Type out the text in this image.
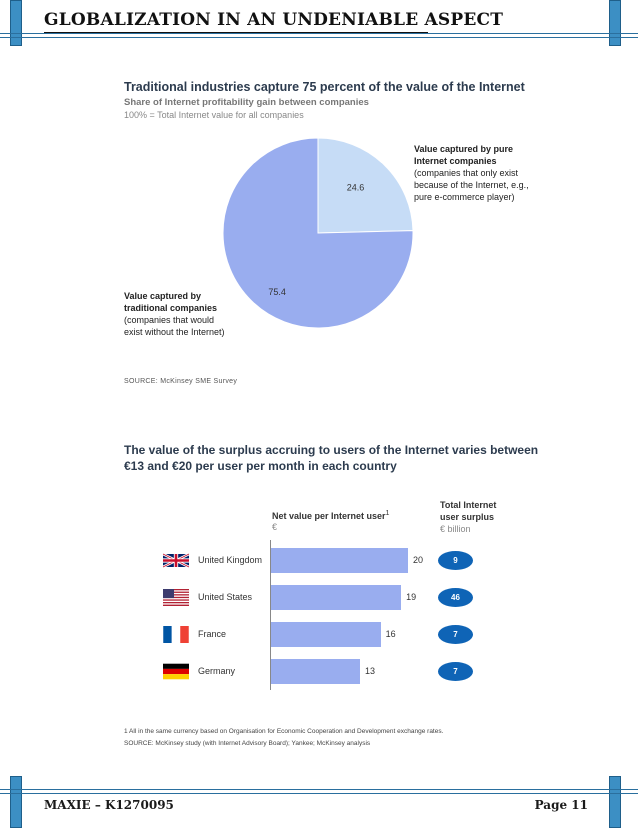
GLOBALIZATION IN AN UNDENIABLE ASPECT
MAXIE – K1270095	Page 11
Traditional industries capture 75 percent of the value of the Internet
Share of Internet profitability gain between companies
100% = Total Internet value for all companies
24.6
75.4
Value captured by pure
Internet companies
(companies that only exist
because of the Internet, e.g.,
pure e-commerce player)
Value captured by
traditional companies
(companies that would
exist without the Internet)
SOURCE: McKinsey SME Survey
The value of the surplus accruing to users of the Internet varies between €13 and €20 per user per month in each country
Net value per Internet user$^1$
€
Total Internet
user surplus
€ billion
United Kingdom	20	9
United States	19	46
France	16	7
Germany	13	7
1 All in the same currency based on Organisation for Economic Cooperation and Development exchange rates.
SOURCE: McKinsey study (with Internet Advisory Board); Yankee; McKinsey analysis
